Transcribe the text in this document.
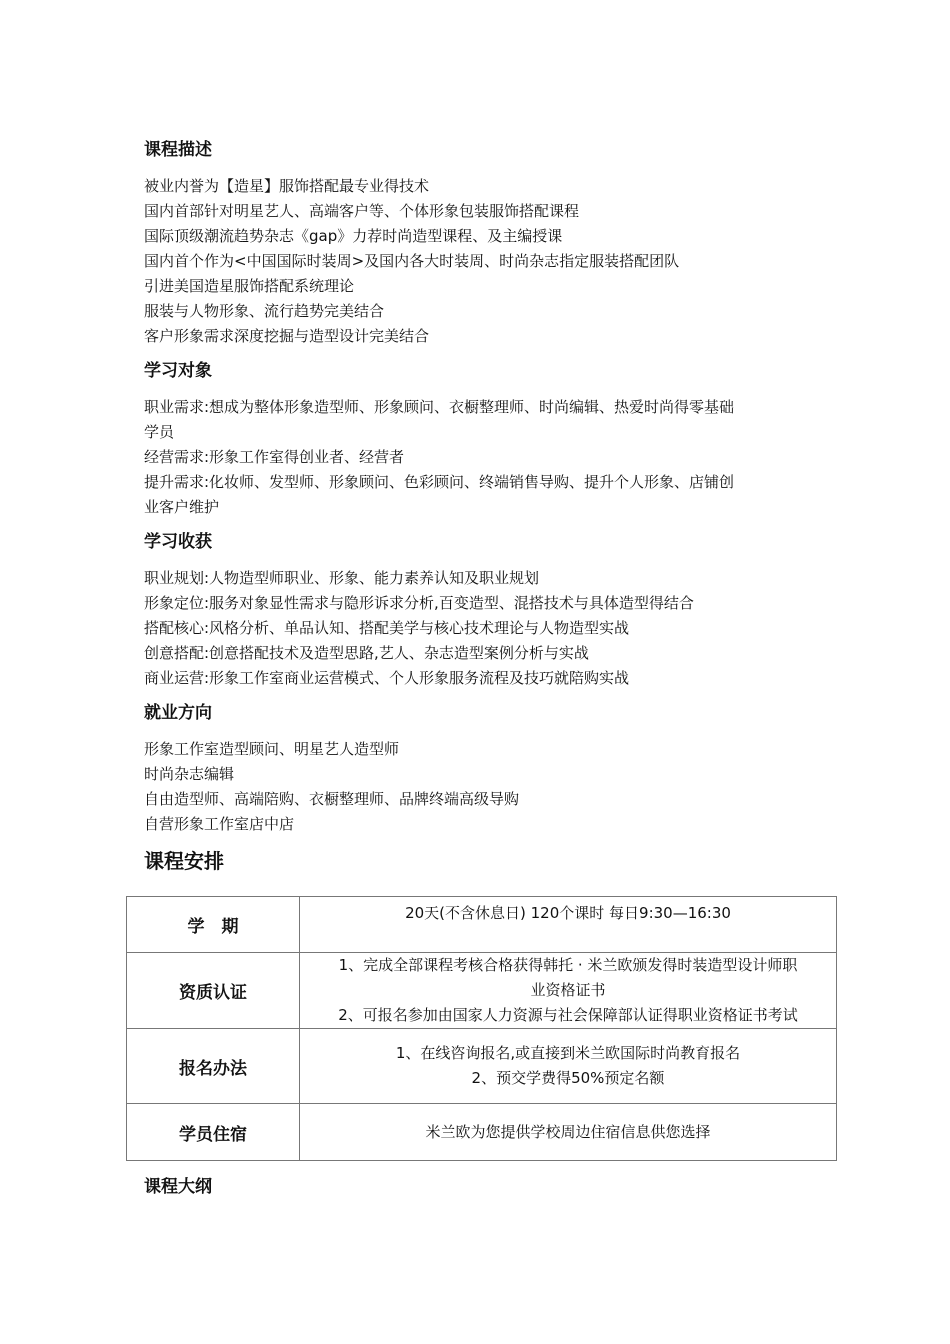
课程描述

被业内誉为【造星】服饰搭配最专业得技术

国内首部针对明星艺人、高端客户等、个体形象包装服饰搭配课程

国际顶级潮流趋势杂志《gap》力荐时尚造型课程、及主编授课

国内首个作为<中国国际时装周>及国内各大时装周、时尚杂志指定服装搭配团队

引进美国造星服饰搭配系统理论

服装与人物形象、流行趋势完美结合

客户形象需求深度挖掘与造型设计完美结合

学习对象

职业需求:想成为整体形象造型师、形象顾问、衣橱整理师、时尚编辑、热爱时尚得零基础

学员

经营需求:形象工作室得创业者、经营者

提升需求:化妆师、发型师、形象顾问、色彩顾问、终端销售导购、提升个人形象、店铺创

业客户维护

学习收获

职业规划:人物造型师职业、形象、能力素养认知及职业规划

形象定位:服务对象显性需求与隐形诉求分析,百变造型、混搭技术与具体造型得结合

搭配核心:风格分析、单品认知、搭配美学与核心技术理论与人物造型实战

创意搭配:创意搭配技术及造型思路,艺人、杂志造型案例分析与实战

商业运营:形象工作室商业运营模式、个人形象服务流程及技巧就陪购实战

就业方向

形象工作室造型顾问、明星艺人造型师

时尚杂志编辑

自由造型师、高端陪购、衣橱整理师、品牌终端高级导购

自营形象工作室店中店

课程安排
学　期	20天(不含休息日) 120个课时 每日9:30—16:30

资质认证	1、完成全部课程考核合格获得韩托 · 米兰欧颁发得时装造型设计师职
业资格证书
2、可报名参加由国家人力资源与社会保障部认证得职业资格证书考试

报名办法	1、在线咨询报名,或直接到米兰欧国际时尚教育报名
2、预交学费得50%预定名额

学员住宿	米兰欧为您提供学校周边住宿信息供您选择
课程大纲
